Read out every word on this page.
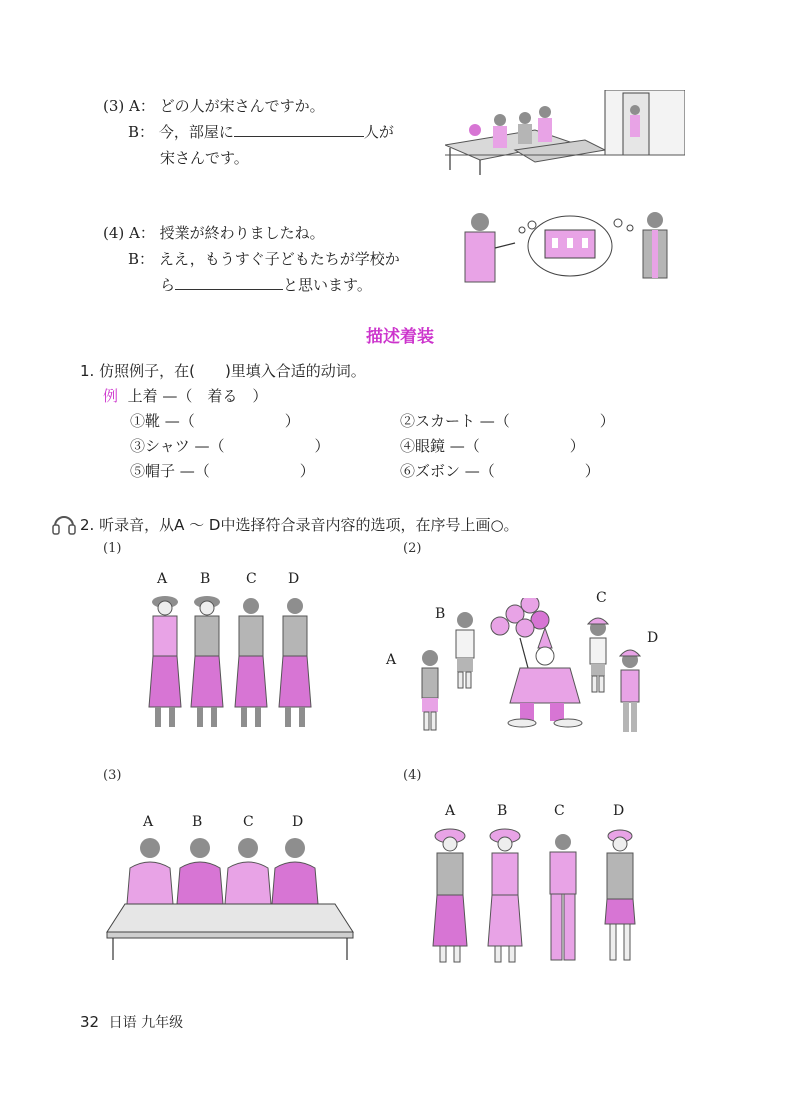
(3) A： どの人が宋さんですか。
B： 今，部屋に	人が
宋さんです。
(4) A： 授業が終わりましたね。
B： ええ，もうすぐ子どもたちが学校か
ら	と思います。
描述着装
1. 仿照例子，在(　　)里填入合适的动词。
例 上着 —（　着る　）
①靴 —（　　　　　　）	②スカート —（　　　　　　）
③シャツ —（　　　　　　）	④眼鏡 —（　　　　　　）
⑤帽子 —（　　　　　　）	⑥ズボン —（　　　　　　）
2. 听录音，从A ～ D中选择符合录音内容的选项，在序号上画○。
(1)
A B	C D
(2)
A
B
C
D
(3)
A	B	C	D
(4)
A	B	C	D
32 日语 九年级
